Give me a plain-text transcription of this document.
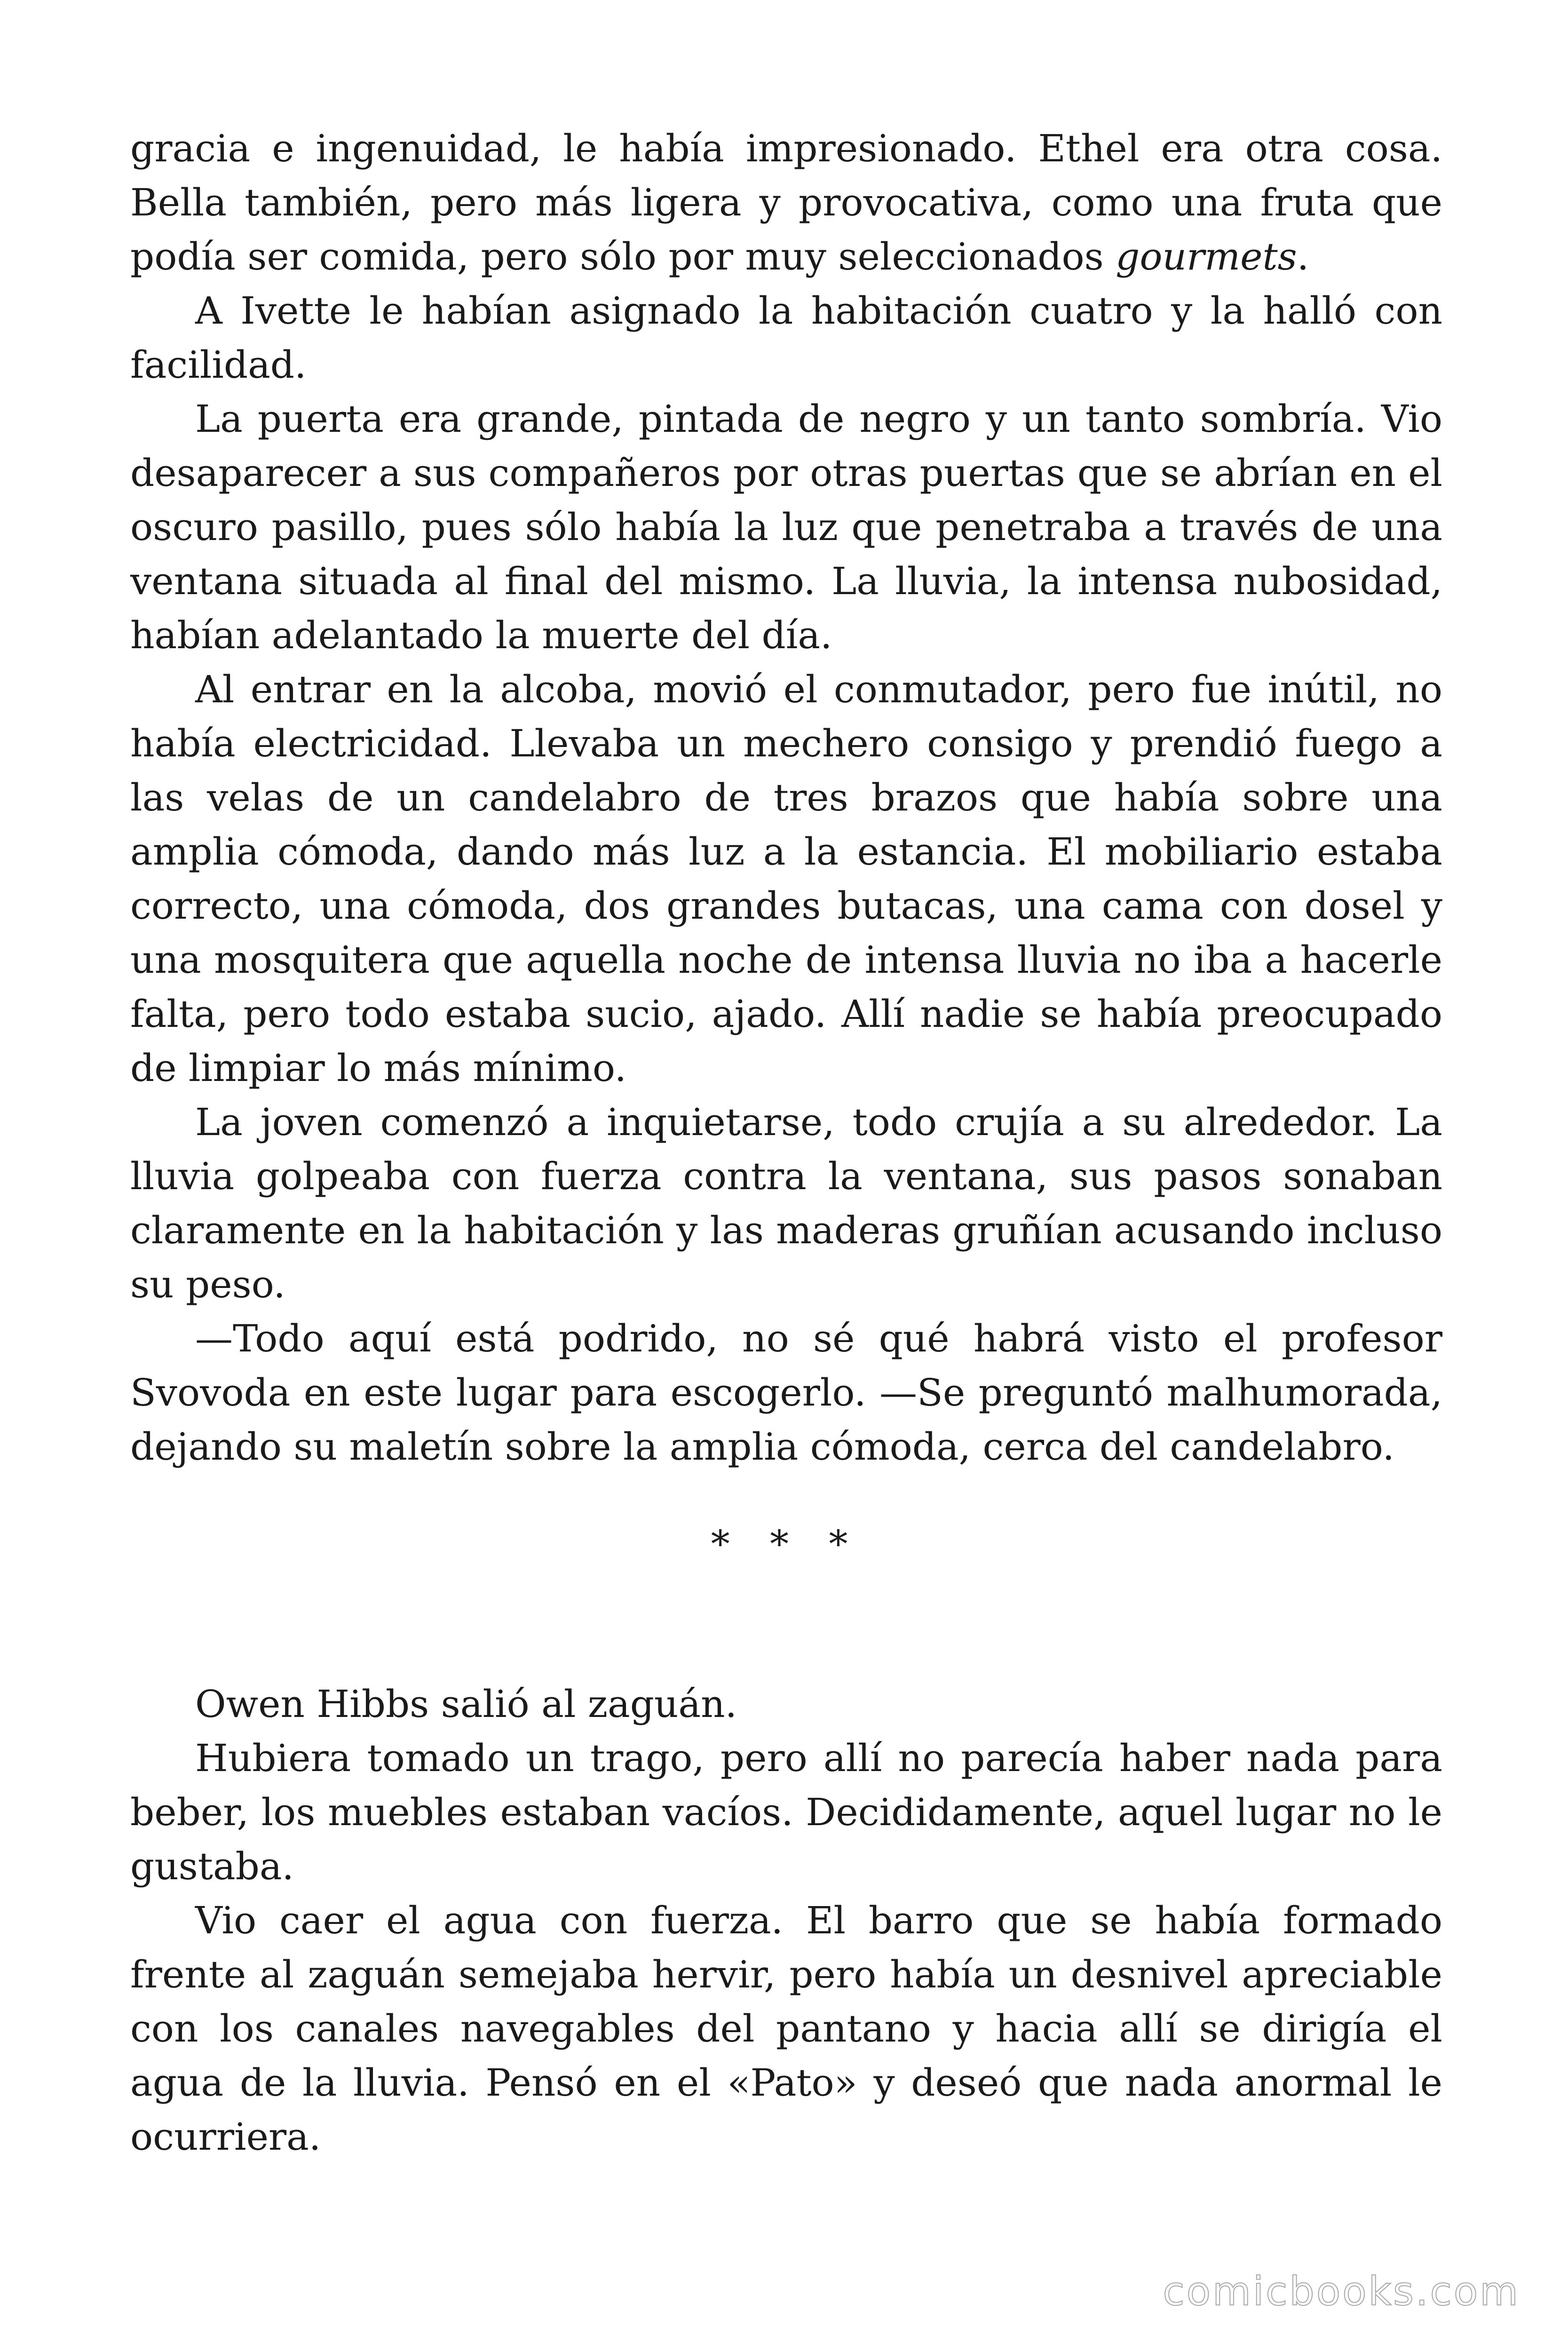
gracia e ingenuidad, le había impresionado. Ethel era otra cosa. Bella también, pero más ligera y provocativa, como una fruta que podía ser comida, pero sólo por muy seleccionados gourmets.

A Ivette le habían asignado la habitación cuatro y la halló con facilidad.

La puerta era grande, pintada de negro y un tanto sombría. Vio desaparecer a sus compañeros por otras puertas que se abrían en el oscuro pasillo, pues sólo había la luz que penetraba a través de una ventana situada al final del mismo. La lluvia, la intensa nubosidad, habían adelantado la muerte del día.

Al entrar en la alcoba, movió el conmutador, pero fue inútil, no había electricidad. Llevaba un mechero consigo y prendió fuego a las velas de un candelabro de tres brazos que había sobre una amplia cómoda, dando más luz a la estancia. El mobiliario estaba correcto, una cómoda, dos grandes butacas, una cama con dosel y una mosquitera que aquella noche de intensa lluvia no iba a hacerle falta, pero todo estaba sucio, ajado. Allí nadie se había preocupado de limpiar lo más mínimo.

La joven comenzó a inquietarse, todo crujía a su alrededor. La lluvia golpeaba con fuerza contra la ventana, sus pasos sonaban claramente en la habitación y las maderas gruñían acusando incluso su peso.

—Todo aquí está podrido, no sé qué habrá visto el profesor Svovoda en este lugar para escogerlo. —Se preguntó malhumorada, dejando su maletín sobre la amplia cómoda, cerca del candelabro.

* * *

Owen Hibbs salió al zaguán.

Hubiera tomado un trago, pero allí no parecía haber nada para beber, los muebles estaban vacíos. Decididamente, aquel lugar no le gustaba.

Vio caer el agua con fuerza. El barro que se había formado frente al zaguán semejaba hervir, pero había un desnivel apreciable con los canales navegables del pantano y hacia allí se dirigía el agua de la lluvia. Pensó en el «Pato» y deseó que nada anormal le ocurriera.

comicbooks.com
